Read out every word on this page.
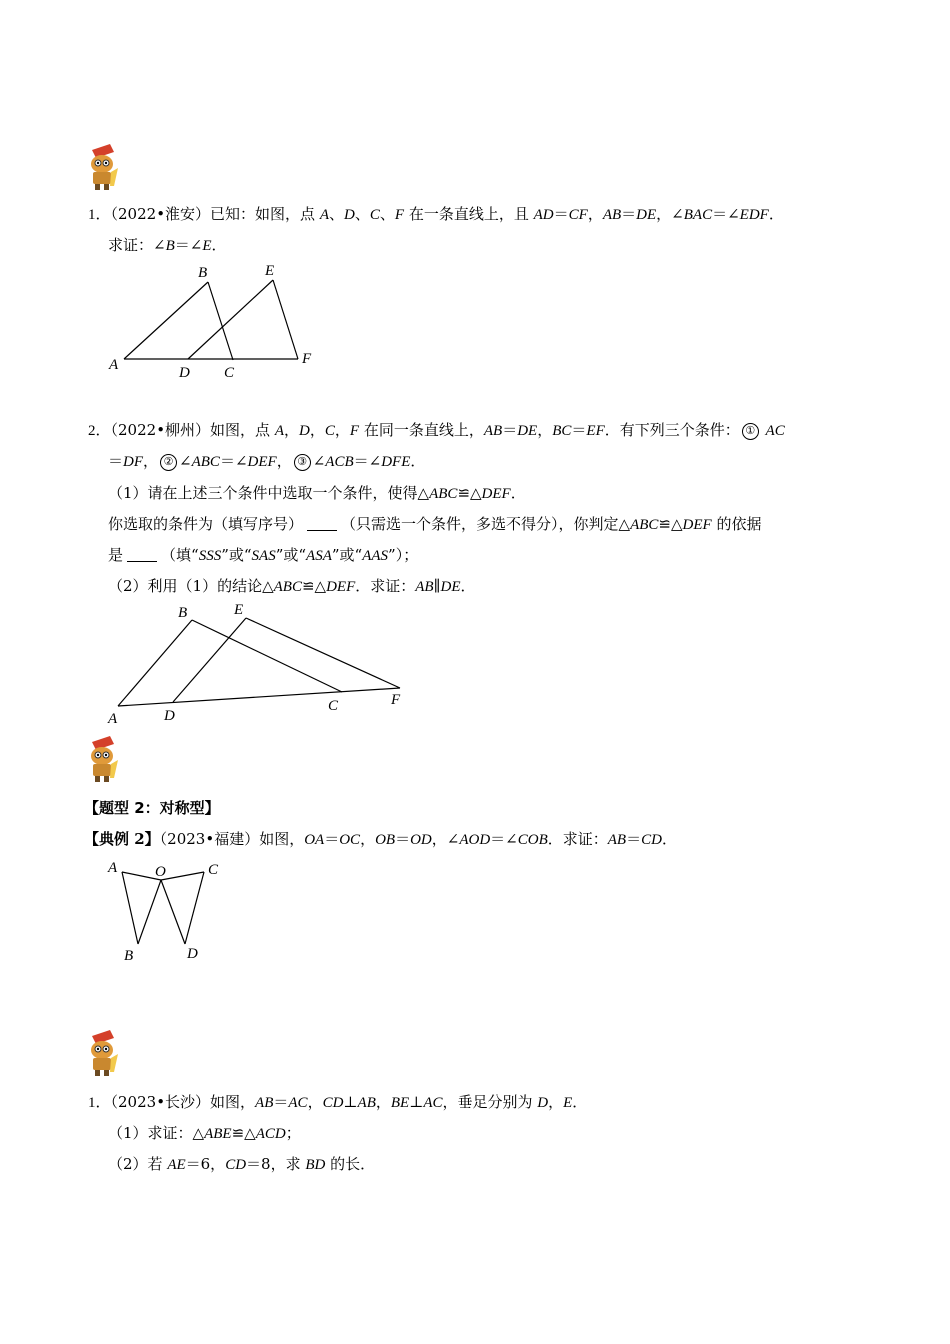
1．（2022•淮安）已知：如图，点 A、D、C、F 在一条直线上，且 AD＝CF，AB＝DE，∠BAC＝∠EDF．
求证：∠B＝∠E．
A
B
C
D
E
F
2．（2022•柳州）如图，点 A，D，C，F 在同一条直线上，AB＝DE，BC＝EF．有下列三个条件： ① AC
＝DF， ② ∠ABC＝∠DEF， ③ ∠ACB＝∠DFE．
（1）请在上述三个条件中选取一个条件，使得△ABC≌△DEF．
你选取的条件为（填写序号）	（只需选一个条件，多选不得分），你判定△ABC≌△DEF 的依据
是	（填“SSS”或“SAS”或“ASA”或“AAS”）；
（2）利用（1）的结论△ABC≌△DEF．求证：AB∥DE．
A
B
C
D
E
F
【题型 2：对称型】
【典例 2】（2023•福建）如图，OA＝OC，OB＝OD，∠AOD＝∠COB．求证：AB＝CD．
A	O	C
B	D
1．（2023•长沙）如图，AB＝AC，CD⊥AB，BE⊥AC，垂足分别为 D，E．
（1）求证：△ABE≌△ACD；
（2）若 AE＝6，CD＝8，求 BD 的长．
